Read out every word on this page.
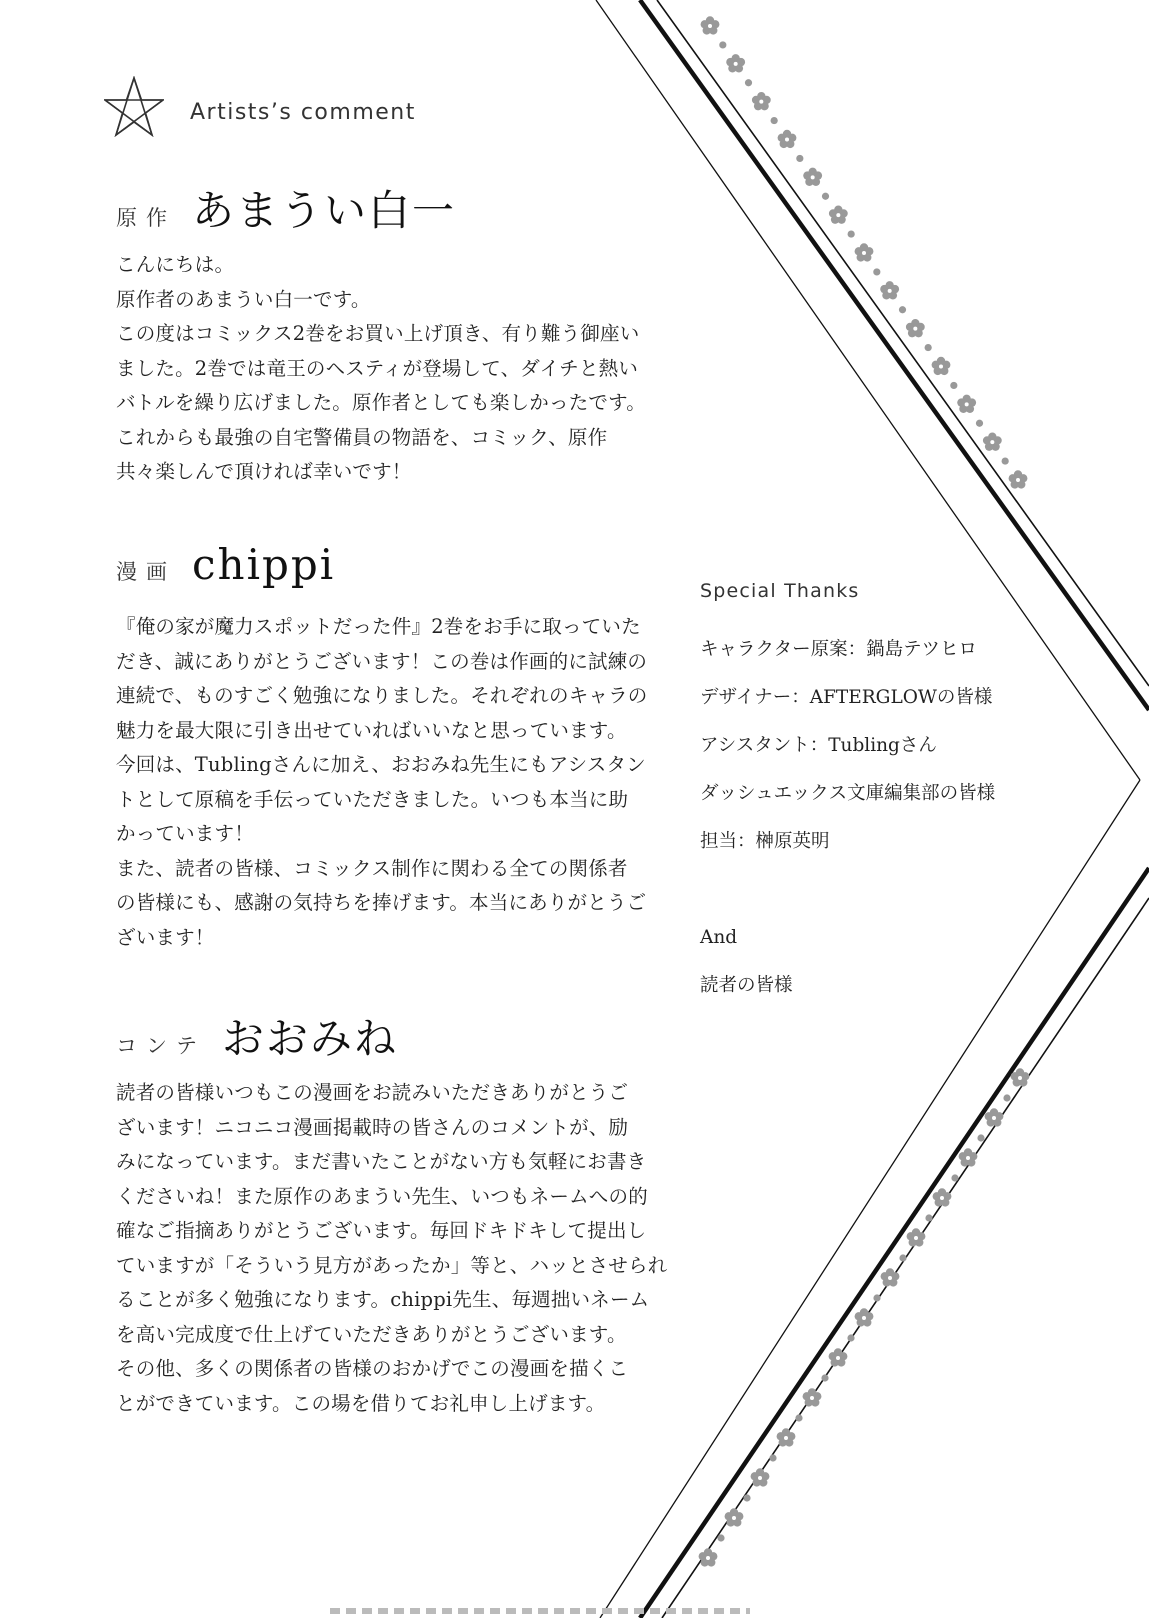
Artists’s comment
原作 あまうい白一
こんにちは。
原作者のあまうい白一です。
この度はコミックス2巻をお買い上げ頂き、有り難う御座い
ました。2巻では竜王のヘスティが登場して、ダイチと熱い
バトルを繰り広げました。原作者としても楽しかったです。
これからも最強の自宅警備員の物語を、コミック、原作
共々楽しんで頂ければ幸いです！
漫画 chippi
『俺の家が魔力スポットだった件』2巻をお手に取っていた
だき、誠にありがとうございます！この巻は作画的に試練の
連続で、ものすごく勉強になりました。それぞれのキャラの
魅力を最大限に引き出せていればいいなと思っています。
今回は、Tublingさんに加え、おおみね先生にもアシスタン
トとして原稿を手伝っていただきました。いつも本当に助
かっています！
また、読者の皆様、コミックス制作に関わる全ての関係者
の皆様にも、感謝の気持ちを捧げます。本当にありがとうご
ざいます！
コンテ おおみね
読者の皆様いつもこの漫画をお読みいただきありがとうご
ざいます！ニコニコ漫画掲載時の皆さんのコメントが、励
みになっています。まだ書いたことがない方も気軽にお書き
くださいね！また原作のあまうい先生、いつもネームへの的
確なご指摘ありがとうございます。毎回ドキドキして提出し
ていますが「そういう見方があったか」等と、ハッとさせられ
ることが多く勉強になります。chippi先生、毎週拙いネーム
を高い完成度で仕上げていただきありがとうございます。
その他、多くの関係者の皆様のおかげでこの漫画を描くこ
とができています。この場を借りてお礼申し上げます。
Special Thanks
キャラクター原案：鍋島テツヒロ
デザイナー：AFTERGLOWの皆様
アシスタント：Tublingさん
ダッシュエックス文庫編集部の皆様
担当：榊原英明
And
読者の皆様
